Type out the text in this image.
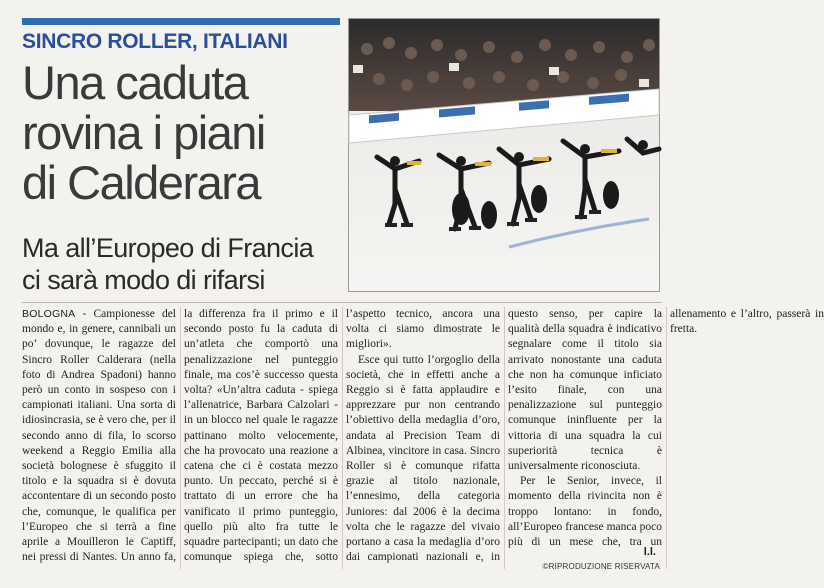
SINCRO ROLLER, ITALIANI
Una caduta
rovina i piani
di Calderara
Ma all’Europeo di Francia
ci sarà modo di rifarsi

BOLOGNA - Campionesse del mondo e, in genere, cannibali un po’ dovunque, le ragazze del Sincro Roller Calderara (nella foto di Andrea Spadoni) hanno però un conto in sospeso con i campionati italiani. Una sorta di idiosincrasia, se è vero che, per il secondo anno di fila, lo scorso weekend a Reggio Emilia alla società bolognese è sfuggito il titolo e la squadra si è dovuta accontentare di un secondo posto che, comunque, le qualifica per l’Europeo che si terrà a fine aprile a Mouilleron le Captiff, nei pressi di Nantes. Un anno fa, la differenza fra il primo e il secondo posto fu la caduta di un’atleta che comportò una penalizzazione nel punteggio finale, ma cos’è successo questa volta? «Un’altra caduta - spiega l’allenatrice, Barbara Calzolari - in un blocco nel quale le ragazze pattinano molto velocemente, che ha provocato una reazione a catena che ci è costata mezzo punto. Un peccato, perché si è trattato di un errore che ha vanificato il primo punteggio, quello più alto fra tutte le squadre partecipanti; un dato che comunque spiega che, sotto l’aspetto tecnico, ancora una volta ci siamo dimostrate le migliori».

Esce qui tutto l’orgoglio della società, che in effetti anche a Reggio si è fatta applaudire e apprezzare pur non centrando l’obiettivo della medaglia d’oro, andata al Precision Team di Albinea, vincitore in casa. Sincro Roller si è comunque rifatta grazie al titolo nazionale, l’ennesimo, della categoria Juniores: dal 2006 è la decima volta che le ragazze del vivaio portano a casa la medaglia d’oro dai campionati nazionali e, in questo senso, per capire la qualità della squadra è indicativo segnalare come il titolo sia arrivato nonostante una caduta che non ha comunque inficiato l’esito finale, con una penalizzazione sul punteggio comunque ininfluente per la vittoria di una squadra la cui superiorità tecnica è universalmente riconosciuta.

Per le Senior, invece, il momento della rivincita non è troppo lontano: in fondo, all’Europeo francese manca poco più di un mese che, tra un allenamento e l’altro, passerà in fretta.

l.l.
©RIPRODUZIONE RISERVATA
